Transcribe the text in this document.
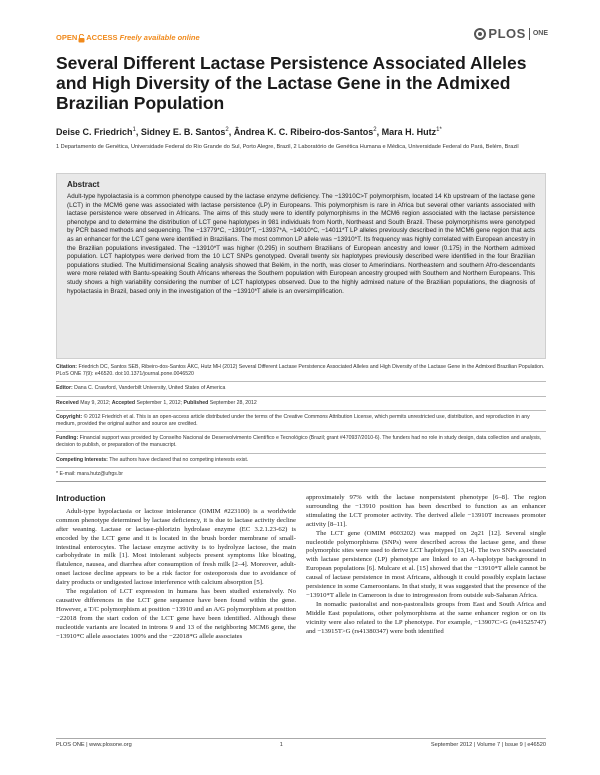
OPEN ACCESS Freely available online	PLOS ONE
Several Different Lactase Persistence Associated Alleles and High Diversity of the Lactase Gene in the Admixed Brazilian Population
Deise C. Friedrich$^1$, Sidney E. B. Santos$^2$, Ândrea K. C. Ribeiro-dos-Santos$^2$, Mara H. Hutz$^{1*}$
1 Departamento de Genética, Universidade Federal do Rio Grande do Sul, Porto Alegre, Brazil, 2 Laboratório de Genética Humana e Médica, Universidade Federal do Pará, Belém, Brazil
Abstract

Adult-type hypolactasia is a common phenotype caused by the lactase enzyme deficiency. The −13910C>T polymorphism, located 14 Kb upstream of the lactase gene (LCT) in the MCM6 gene was associated with lactase persistence (LP) in Europeans. This polymorphism is rare in Africa but several other variants associated with lactase persistence were observed in Africans. The aims of this study were to identify polymorphisms in the MCM6 region associated with the lactase persistence phenotype and to determine the distribution of LCT gene haplotypes in 981 individuals from North, Northeast and South Brazil. These polymorphisms were genotyped by PCR based methods and sequencing. The −13779*C, −13910*T, −13937*A, −14010*C, −14011*T LP alleles previously described in the MCM6 gene region that acts as an enhancer for the LCT gene were identified in Brazilians. The most common LP allele was −13910*T. Its frequency was highly correlated with European ancestry in the Brazilian populations investigated. The −13910*T was higher (0.295) in southern Brazilians of European ancestry and lower (0.175) in the Northern admixed population. LCT haplotypes were derived from the 10 LCT SNPs genotyped. Overall twenty six haplotypes previously described were identified in the four Brazilian populations studied. The Multidimensional Scaling analysis showed that Belém, in the north, was closer to Amerindians. Northeastern and southern Afro-descendants were more related with Bantu-speaking South Africans whereas the Southern population with European ancestry grouped with Southern and Northern Europeans. This study shows a high variability considering the number of LCT haplotypes observed. Due to the highly admixed nature of the Brazilian populations, the diagnosis of hypolactasia in Brazil, based only in the investigation of the −13910*T allele is an oversimplification.

Citation: Friedrich DC, Santos SEB, Ribeiro-dos-Santos ÂKC, Hutz MH (2012) Several Different Lactase Persistence Associated Alleles and High Diversity of the Lactase Gene in the Admixed Brazilian Population. PLoS ONE 7(9): e46520. doi:10.1371/journal.pone.0046520

Editor: Dana C. Crawford, Vanderbilt University, United States of America

Received May 9, 2012; Accepted September 1, 2012; Published September 28, 2012

Copyright: © 2012 Friedrich et al. This is an open-access article distributed under the terms of the Creative Commons Attribution License, which permits unrestricted use, distribution, and reproduction in any medium, provided the original author and source are credited.

Funding: Financial support was provided by Conselho Nacional de Desenvolvimento Científico e Tecnológico (Brazil; grant #470937/2010-6). The funders had no role in study design, data collection and analysis, decision to publish, or preparation of the manuscript.

Competing Interests: The authors have declared that no competing interests exist.

* E-mail: mara.hutz@ufrgs.br

Introduction

Adult-type hypolactasia or lactose intolerance (OMIM #223100) is a worldwide common phenotype determined by lactase deficiency, it is due to lactase activity decline after weaning. Lactase or lactase-phlorizin hydrolase enzyme (EC 3.2.1.23-62) is encoded by the LCT gene and it is located in the brush border membrane of small-intestinal enterocytes. The lactase enzyme activity is to hydrolyze lactose, the main carbohydrate in milk [1]. Most intolerant subjects present symptoms like bloating, flatulence, nausea, and diarrhea after consumption of fresh milk [2–4]. Moreover, adult-onset lactose decline appears to be a risk factor for osteoporosis due to avoidance of dairy products or undigested lactose interference with calcium absorption [5].

The regulation of LCT expression in humans has been studied extensively. No causative differences in the LCT gene sequence have been found within the gene. However, a T/C polymorphism at position −13910 and an A/G polymorphism at position −22018 from the start codon of the LCT gene have been identified. Although these nucleotide variants are located in introns 9 and 13 of the neighboring MCM6 gene, the −13910*C allele associates 100% and the −22018*G allele associates

approximately 97% with the lactase nonpersistent phenotype [6–8]. The region surrounding the −13910 position has been described to function as an enhancer stimulating the LCT promoter activity. The derived allele −13910T increases promoter activity [8–11].

The LCT gene (OMIM #603202) was mapped on 2q21 [12]. Several single nucleotide polymorphisms (SNPs) were described across the lactase gene, and these polymorphic sites were used to derive LCT haplotypes [13,14]. The two SNPs associated with lactase persistence (LP) phenotype are linked to an A-haplotype background in European populations [6]. Mulcare et al. [15] showed that the −13910*T allele cannot be causal of lactase persistence in most Africans, although it could possibly explain lactase persistence in some Cameroonians. In that study, it was suggested that the presence of the −13910*T allele in Cameroon is due to introgression from outside sub-Saharan Africa.

In nomadic pastoralist and non-pastoralists groups from East and South Africa and Middle East populations, other polymorphisms at the same enhancer region or on its vicinity were also related to the LP phenotype. For example, −13907C>G (rs41525747) and −13915T>G (rs41380347) were both identified

PLOS ONE | www.plosone.org	1	September 2012 | Volume 7 | Issue 9 | e46520
